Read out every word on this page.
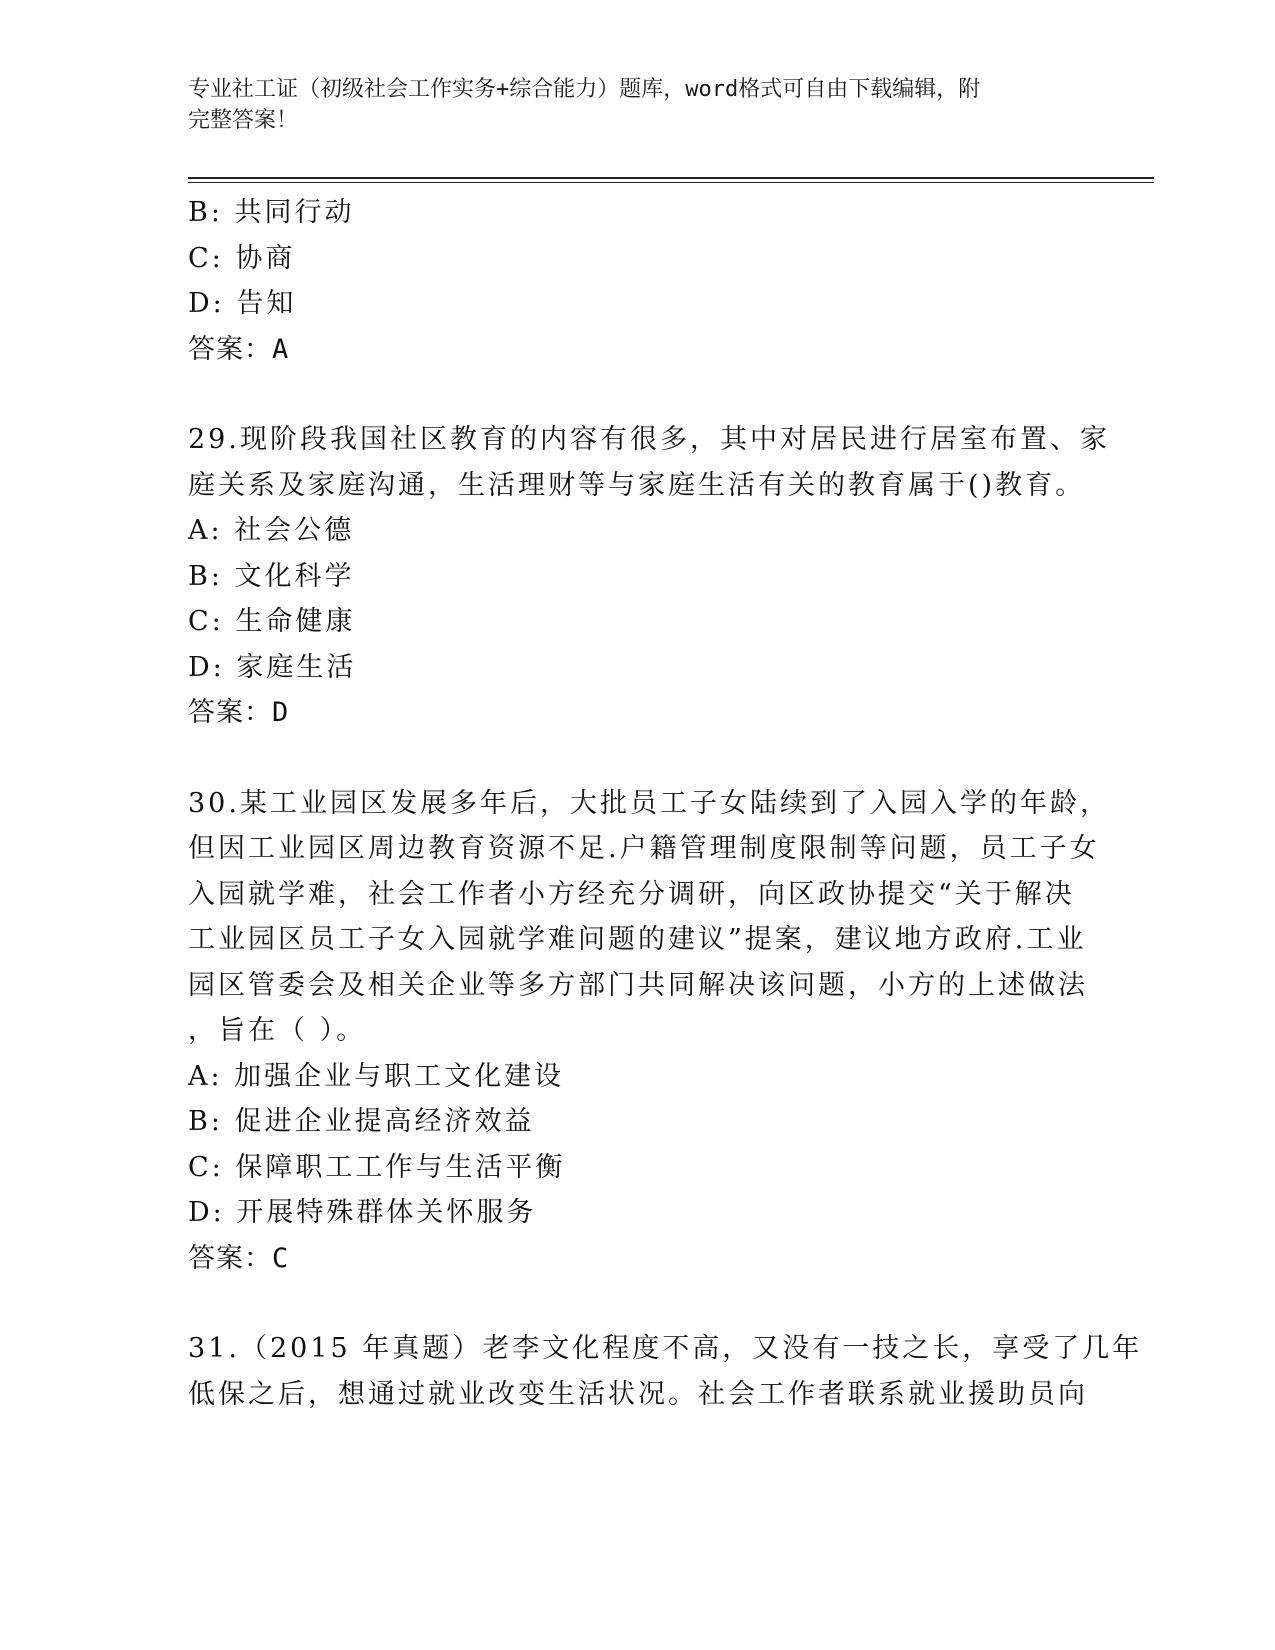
专业社工证（初级社会工作实务+综合能力）题库，word格式可自由下载编辑，附
完整答案！
B: 共同行动
C: 协商
D: 告知
答案：A
29.现阶段我国社区教育的内容有很多，其中对居民进行居室布置、家
庭关系及家庭沟通，生活理财等与家庭生活有关的教育属于()教育。
A: 社会公德
B: 文化科学
C: 生命健康
D: 家庭生活
答案：D
30.某工业园区发展多年后，大批员工子女陆续到了入园入学的年龄，
但因工业园区周边教育资源不足.户籍管理制度限制等问题，员工子女
入园就学难，社会工作者小方经充分调研，向区政协提交“关于解决
工业园区员工子女入园就学难问题的建议”提案，建议地方政府.工业
园区管委会及相关企业等多方部门共同解决该问题，小方的上述做法
，旨在（ ）。
A: 加强企业与职工文化建设
B: 促进企业提高经济效益
C: 保障职工工作与生活平衡
D: 开展特殊群体关怀服务
答案：C
31.（2015 年真题）老李文化程度不高，又没有一技之长，享受了几年
低保之后，想通过就业改变生活状况。社会工作者联系就业援助员向
